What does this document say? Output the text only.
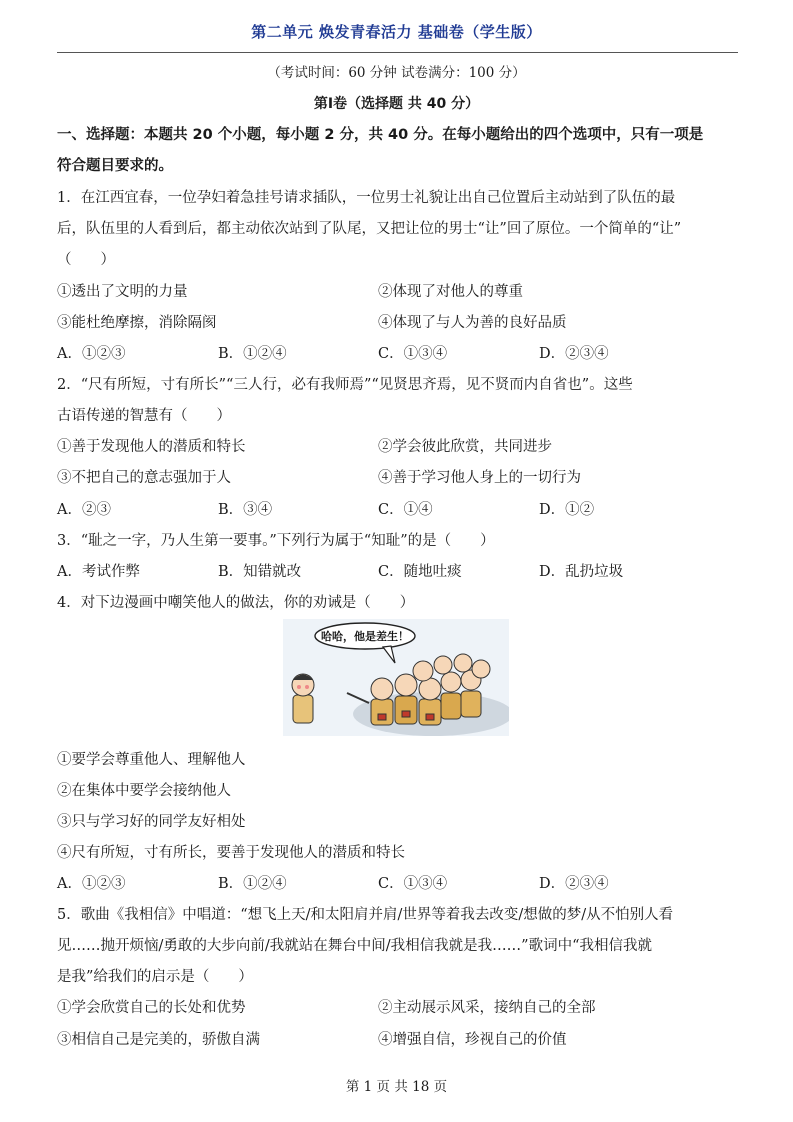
第二单元 焕发青春活力 基础卷（学生版）
（考试时间：60 分钟 试卷满分：100 分）
第Ⅰ卷（选择题 共 40 分）
一、选择题：本题共 20 个小题，每小题 2 分，共 40 分。在每小题给出的四个选项中，只有一项是
符合题目要求的。
1．在江西宜春，一位孕妇着急挂号请求插队，一位男士礼貌让出自己位置后主动站到了队伍的最
后，队伍里的人看到后，都主动依次站到了队尾，又把让位的男士“让”回了原位。一个简单的“让”
（　　）
①透出了文明的力量	②体现了对他人的尊重
③能杜绝摩擦，消除隔阂	④体现了与人为善的良好品质
A．①②③	B．①②④	C．①③④	D．②③④
2．“尺有所短，寸有所长”“三人行，必有我师焉”“见贤思齐焉，见不贤而内自省也”。这些
古语传递的智慧有（　　）
①善于发现他人的潜质和特长	②学会彼此欣赏，共同进步
③不把自己的意志强加于人	④善于学习他人身上的一切行为
A．②③	B．③④	C．①④	D．①②
3．“耻之一字，乃人生第一要事。”下列行为属于“知耻”的是（　　）
A．考试作弊	B．知错就改	C．随地吐痰	D．乱扔垃圾
4．对下边漫画中嘲笑他人的做法，你的劝诫是（　　）
哈哈，他是差生！
①要学会尊重他人、理解他人
②在集体中要学会接纳他人
③只与学习好的同学友好相处
④尺有所短，寸有所长，要善于发现他人的潜质和特长
A．①②③	B．①②④	C．①③④	D．②③④
5．歌曲《我相信》中唱道：“想飞上天/和太阳肩并肩/世界等着我去改变/想做的梦/从不怕别人看
见……抛开烦恼/勇敢的大步向前/我就站在舞台中间/我相信我就是我……”歌词中“我相信我就
是我”给我们的启示是（　　）
①学会欣赏自己的长处和优势	②主动展示风采，接纳自己的全部
③相信自己是完美的，骄傲自满	④增强自信，珍视自己的价值
第 1 页 共 18 页
